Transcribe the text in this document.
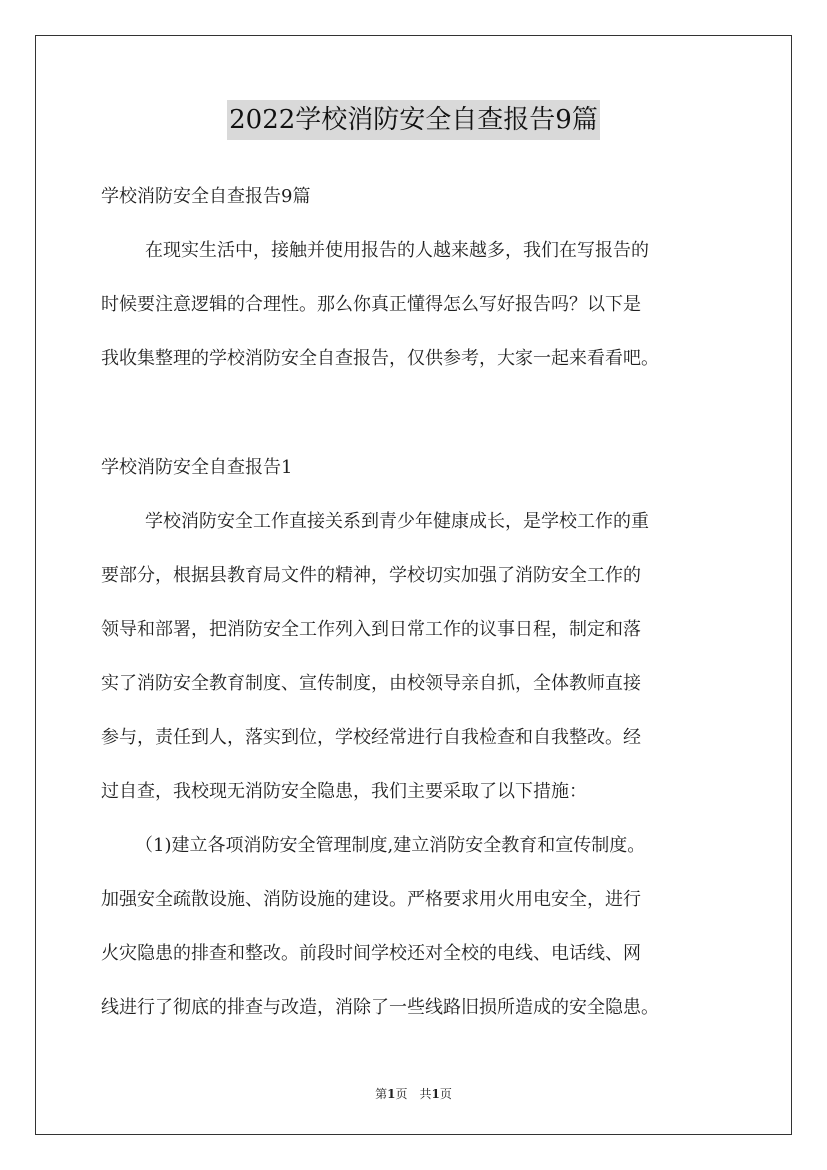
2022学校消防安全自查报告9篇
学校消防安全自查报告9篇
在现实生活中，接触并使用报告的人越来越多，我们在写报告的
时候要注意逻辑的合理性。那么你真正懂得怎么写好报告吗？以下是
我收集整理的学校消防安全自查报告，仅供参考，大家一起来看看吧。
学校消防安全自查报告1
学校消防安全工作直接关系到青少年健康成长，是学校工作的重
要部分，根据县教育局文件的精神，学校切实加强了消防安全工作的
领导和部署，把消防安全工作列入到日常工作的议事日程，制定和落
实了消防安全教育制度、宣传制度，由校领导亲自抓，全体教师直接
参与，责任到人，落实到位，学校经常进行自我检查和自我整改。经
过自查，我校现无消防安全隐患，我们主要采取了以下措施：
（1)建立各项消防安全管理制度,建立消防安全教育和宣传制度。
加强安全疏散设施、消防设施的建设。严格要求用火用电安全，进行
火灾隐患的排查和整改。前段时间学校还对全校的电线、电话线、网
线进行了彻底的排查与改造，消除了一些线路旧损所造成的安全隐患。
第1页　共1页
